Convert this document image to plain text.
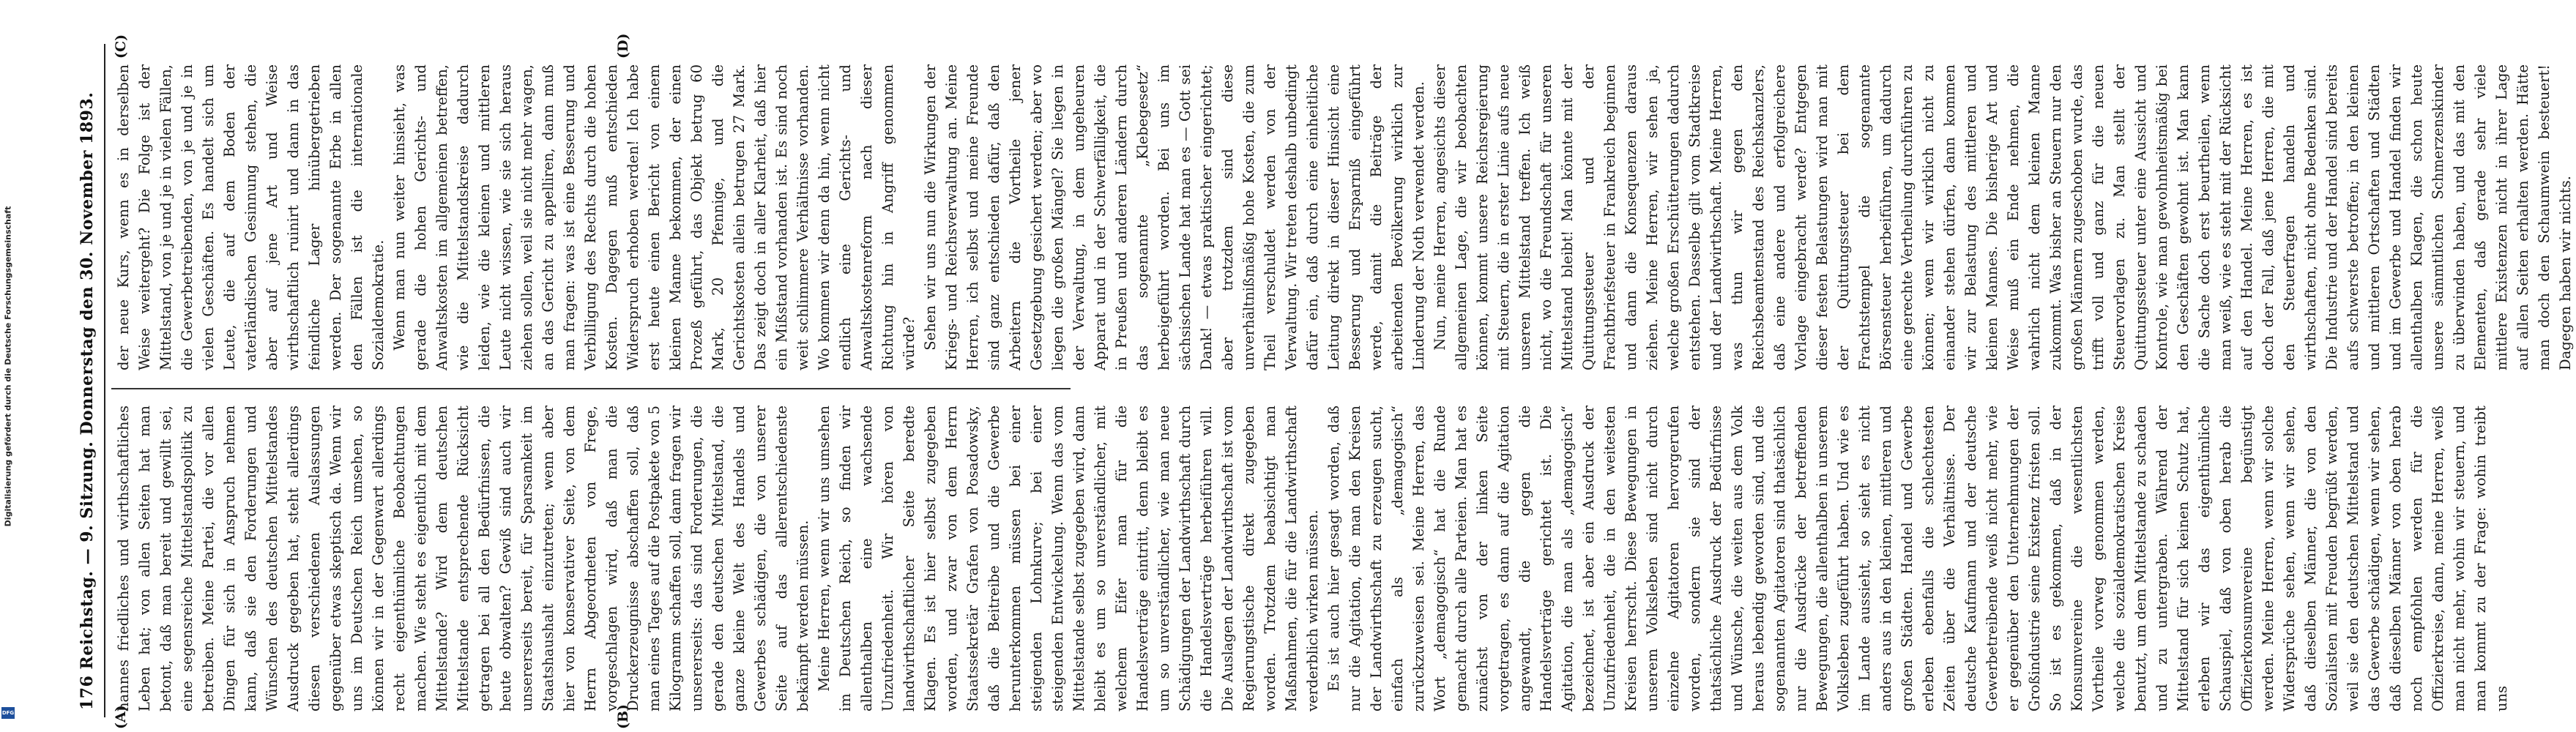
Digitalisierung gefördert durch die Deutsche Forschungsgemeinschaft
DFG
176
Reichstag. — 9. Sitzung. Donnerstag den 30. November 1893.
(A)	(B)
(C)	(D)

hannes friedliches und wirthschaftliches Leben hat; von allen Seiten hat man betont, daß man bereit und gewillt sei, eine segensreiche Mittelstandspolitik zu betreiben. Meine Partei, die vor allen Dingen für sich in Anspruch nehmen kann, daß sie den Forderungen und Wünschen des deutschen Mittelstandes Ausdruck gegeben hat, steht allerdings diesen verschiedenen Auslassungen gegenüber etwas skeptisch da. Wenn wir uns im Deutschen Reich umsehen, so können wir in der Gegenwart allerdings recht eigenthümliche Beobachtungen machen. Wie steht es eigentlich mit dem Mittelstande? Wird dem deutschen Mittelstande entsprechende Rücksicht getragen bei all den Bedürfnissen, die heute obwalten? Gewiß sind auch wir unsererseits bereit, für Sparsamkeit im Staatshaushalt einzutreten; wenn aber hier von konservativer Seite, von dem Herrn Abgeordneten von Frege, vorgeschlagen wird, daß man die Druckerzeugnisse abschaffen soll, daß man eines Tages auf die Postpakete von 5 Kilogramm schaffen soll, dann fragen wir unsererseits: das sind Forderungen, die gerade den deutschen Mittelstand, die ganze kleine Welt des Handels und Gewerbes schädigen, die von unserer Seite auf das allerentschiedenste bekämpft werden müssen. Meine Herren, wenn wir uns umsehen im Deutschen Reich, so finden wir allenthalben eine wachsende Unzufriedenheit. Wir hören von landwirthschaftlicher Seite beredte Klagen. Es ist hier selbst zugegeben worden, und zwar von dem Herrn Staatssekretär Grafen von Posadowsky, daß die Beitreibe und die Gewerbe herunterkommen müssen bei einer steigenden Lohnkurve; bei einer steigenden Entwickelung. Wenn das vom Mittelstande selbst zugegeben wird, dann bleibt es um so unverständlicher, mit welchem Eifer man für die Handelsverträge eintritt, denn bleibt es um so unverständlicher, wie man neue Schädigungen der Landwirthschaft durch die Handelsverträge herbeiführen will. Die Auslagen der Landwirthschaft ist vom Regierungstische direkt zugegeben worden. Trotzdem beabsichtigt man Maßnahmen, die für die Landwirthschaft verderblich wirken müssen. Es ist auch hier gesagt worden, daß nur die Agitation, die man den Kreisen der Landwirthschaft zu erzeugen sucht, einfach als „demagogisch“ zurückzuweisen sei. Meine Herren, das Wort „demagogisch“ hat die Runde gemacht durch alle Parteien. Man hat es zunächst von der linken Seite vorgetragen, es dann auf die Agitation angewandt, die gegen die Handelsverträge gerichtet ist. Die Agitation, die man als „demagogisch“ bezeichnet, ist aber ein Ausdruck der Unzufriedenheit, die in den weitesten Kreisen herrscht. Diese Bewegungen in unserem Volksleben sind nicht durch einzelne Agitatoren hervorgerufen worden, sondern sie sind der thatsächliche Ausdruck der Bedürfnisse und Wünsche, die weiten aus dem Volk heraus lebendig geworden sind, und die sogenannten Agitatoren sind thatsächlich nur die Ausdrücke der betreffenden Bewegungen, die allenthalben in unserem Volksleben zugeführt haben. Und wie es im Lande aussieht, so sieht es nicht anders aus in den kleinen, mittleren und großen Städten. Handel und Gewerbe erleben ebenfalls die schlechtesten Zeiten über die Verhältnisse. Der deutsche Kaufmann und der deutsche Gewerbetreibende weiß nicht mehr, wie er gegenüber den Unternehmungen der Großindustrie seine Existenz fristen soll. So ist es gekommen, daß in der Konsumvereine die wesentlichsten Vortheile vorweg genommen werden, welche die sozialdemokratischen Kreise benutzt, um dem Mittelstande zu schaden und zu untergraben. Während der Mittelstand für sich keinen Schutz hat, erleben wir das eigenthümliche Schauspiel, daß von oben herab die Offizierkonsumvereine begünstigt werden. Meine Herren, wenn wir solche Widersprüche sehen, wenn wir sehen, daß dieselben Männer, die von den Sozialisten mit Freuden begrüßt werden, weil sie den deutschen Mittelstand und das Gewerbe schädigen, wenn wir sehen, daß dieselben Männer von oben herab noch empfohlen werden für die Offizierkreise, dann, meine Herren, weiß man nicht mehr, wohin wir steuern, und man kommt zu der Frage: wohin treibt uns

der neue Kurs, wenn es in derselben Weise weitergeht? Die Folge ist der Mittelstand, von je und je in vielen Fällen, die Gewerbetreibenden, von je und je in vielen Geschäften. Es handelt sich um Leute, die auf dem Boden der vaterländischen Gesinnung stehen, die aber auf jene Art und Weise wirthschaftlich ruinirt und dann in das feindliche Lager hinübergetrieben werden. Der sogenannte Erbe in allen den Fällen ist die internationale Sozialdemokratie. Wenn man nun weiter hinsieht, was gerade die hohen Gerichts- und Anwaltskosten im allgemeinen betreffen, wie die Mittelstandskreise dadurch leiden, wie die kleinen und mittleren Leute nicht wissen, wie sie sich heraus ziehen sollen, weil sie nicht mehr wagen, an das Gericht zu appelliren, dann muß man fragen: was ist eine Besserung und Verbilligung des Rechts durch die hohen Kosten. Dagegen muß entschieden Widerspruch erhoben werden! Ich habe erst heute einen Bericht von einem kleinen Manne bekommen, der einen Prozeß geführt, das Objekt betrug 60 Mark, 20 Pfennige, und die Gerichtskosten allein betrugen 27 Mark. Das zeigt doch in aller Klarheit, daß hier ein Mißstand vorhanden ist. Es sind noch weit schlimmere Verhältnisse vorhanden. Wo kommen wir denn da hin, wenn nicht endlich eine Gerichts- und Anwaltskostenreform nach dieser Richtung hin in Angriff genommen würde? Sehen wir uns nun die Wirkungen der Kriegs- und Reichsverwaltung an. Meine Herren, ich selbst und meine Freunde sind ganz entschieden dafür, daß den Arbeitern die Vortheile jener Gesetzgebung gesichert werden; aber wo liegen die großen Mängel? Sie liegen in der Verwaltung, in dem ungeheuren Apparat und in der Schwerfälligkeit, die in Preußen und anderen Ländern durch das sogenannte „Klebegesetz“ herbeigeführt worden. Bei uns im sächsischen Lande hat man es — Gott sei Dank! — etwas praktischer eingerichtet; aber trotzdem sind diese unverhältnißmäßig hohe Kosten, die zum Theil verschuldet werden von der Verwaltung. Wir treten deshalb unbedingt dafür ein, daß durch eine einheitliche Leitung direkt in dieser Hinsicht eine Besserung und Ersparniß eingeführt werde, damit die Beiträge der arbeitenden Bevölkerung wirklich zur Linderung der Noth verwendet werden. Nun, meine Herren, angesichts dieser allgemeinen Lage, die wir beobachten können, kommt unsere Reichsregierung mit Steuern, die in erster Linie aufs neue unseren Mittelstand treffen. Ich weiß nicht, wo die Freundschaft für unseren Mittelstand bleibt! Man könnte mit der Quittungssteuer und der Frachtbriefsteuer in Frankreich beginnen und dann die Konsequenzen daraus ziehen. Meine Herren, wir sehen ja, welche großen Erschütterungen dadurch entstehen. Dasselbe gilt vom Stadtkreise und der Landwirthschaft. Meine Herren, was thun wir gegen den Reichsbeamtenstand des Reichskanzlers, daß eine andere und erfolgreichere Vorlage eingebracht werde? Entgegen dieser festen Belastungen wird man mit der Quittungssteuer bei dem Frachtstempel die sogenannte Börsensteuer herbeiführen, um dadurch eine gerechte Vertheilung durchführen zu können; wenn wir wirklich nicht zu einander stehen dürfen, dann kommen wir zur Belastung des mittleren und kleinen Mannes. Die bisherige Art und Weise muß ein Ende nehmen, die wahrlich nicht dem kleinen Manne zukommt. Was bisher an Steuern nur den großen Männern zugeschoben wurde, das trifft voll und ganz für die neuen Steuervorlagen zu. Man stellt der Quittungssteuer unter eine Aussicht und Kontrole, wie man gewohnheitsmäßig bei den Geschäften gewohnt ist. Man kann die Sache doch erst beurtheilen, wenn man weiß, wie es steht mit der Rücksicht auf den Handel. Meine Herren, es ist doch der Fall, daß jene Herren, die mit den Steuerfragen handeln und wirthschaften, nicht ohne Bedenken sind. Die Industrie und der Handel sind bereits aufs schwerste betroffen; in den kleinen und mittleren Ortschaften und Städten und im Gewerbe und Handel finden wir allenthalben Klagen, die schon heute unsere sämmtlichen Schmerzenskinder zu überwinden haben, und das mit den Elementen, daß gerade sehr viele mittlere Existenzen nicht in ihrer Lage auf allen Seiten erhalten werden. Hätte man doch den Schaumwein besteuert! Dagegen haben wir nichts.
